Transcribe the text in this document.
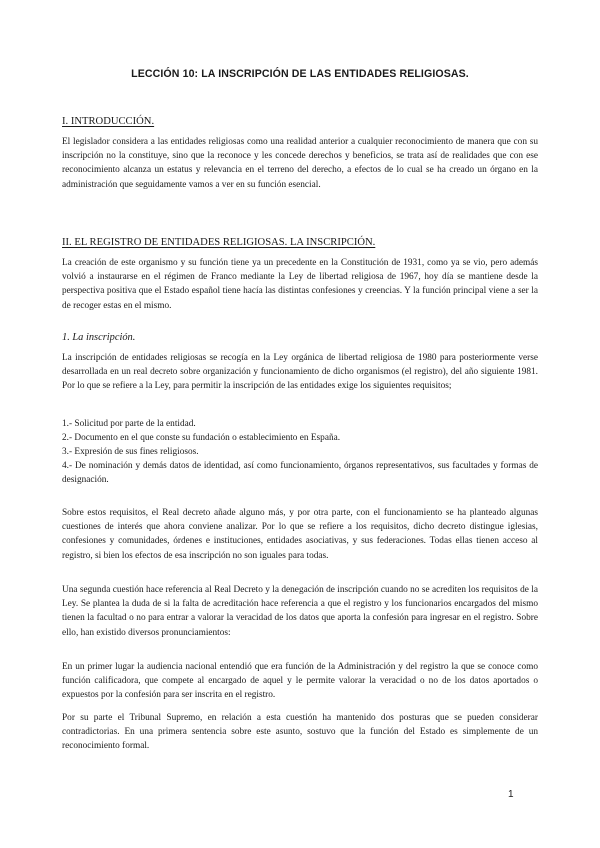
LECCIÓN 10: LA INSCRIPCIÓN DE LAS ENTIDADES RELIGIOSAS.
I. INTRODUCCIÓN.

El legislador considera a las entidades religiosas como una realidad anterior a cualquier reconocimiento de manera que con su inscripción no la constituye, sino que la reconoce y les concede derechos y beneficios, se trata así de realidades que con ese reconocimiento alcanza un estatus y relevancia en el terreno del derecho, a efectos de lo cual se ha creado un órgano en la administración que seguidamente vamos a ver en su función esencial.

II. EL REGISTRO DE ENTIDADES RELIGIOSAS. LA INSCRIPCIÓN.

La creación de este organismo y su función tiene ya un precedente en la Constitución de 1931, como ya se vio, pero además volvió a instaurarse en el régimen de Franco mediante la Ley de libertad religiosa de 1967, hoy día se mantiene desde la perspectiva positiva que el Estado español tiene hacía las distintas confesiones y creencias. Y la función principal viene a ser la de recoger estas en el mismo.

1. La inscripción.

La inscripción de entidades religiosas se recogía en la Ley orgánica de libertad religiosa de 1980 para posteriormente verse desarrollada en un real decreto sobre organización y funcionamiento de dicho organismos (el registro), del año siguiente 1981. Por lo que se refiere a la Ley, para permitir la inscripción de las entidades exige los siguientes requisitos;

1.- Solicitud por parte de la entidad.
2.- Documento en el que conste su fundación o establecimiento en España.
3.- Expresión de sus fines religiosos.
4.- De nominación y demás datos de identidad, así como funcionamiento, órganos representativos, sus facultades y formas de designación.

Sobre estos requisitos, el Real decreto añade alguno más, y por otra parte, con el funcionamiento se ha planteado algunas cuestiones de interés que ahora conviene analizar. Por lo que se refiere a los requisitos, dicho decreto distingue iglesias, confesiones y comunidades, órdenes e instituciones, entidades asociativas, y sus federaciones. Todas ellas tienen acceso al registro, si bien los efectos de esa inscripción no son iguales para todas.

Una segunda cuestión hace referencia al Real Decreto y la denegación de inscripción cuando no se acrediten los requisitos de la Ley. Se plantea la duda de si la falta de acreditación hace referencia a que el registro y los funcionarios encargados del mismo tienen la facultad o no para entrar a valorar la veracidad de los datos que aporta la confesión para ingresar en el registro. Sobre ello, han existido diversos pronunciamientos:

En un primer lugar la audiencia nacional entendió que era función de la Administración y del registro la que se conoce como función calificadora, que compete al encargado de aquel y le permite valorar la veracidad o no de los datos aportados o expuestos por la confesión para ser inscrita en el registro.

Por su parte el Tribunal Supremo, en relación a esta cuestión ha mantenido dos posturas que se pueden considerar contradictorias. En una primera sentencia sobre este asunto, sostuvo que la función del Estado es simplemente de un reconocimiento formal.

1
